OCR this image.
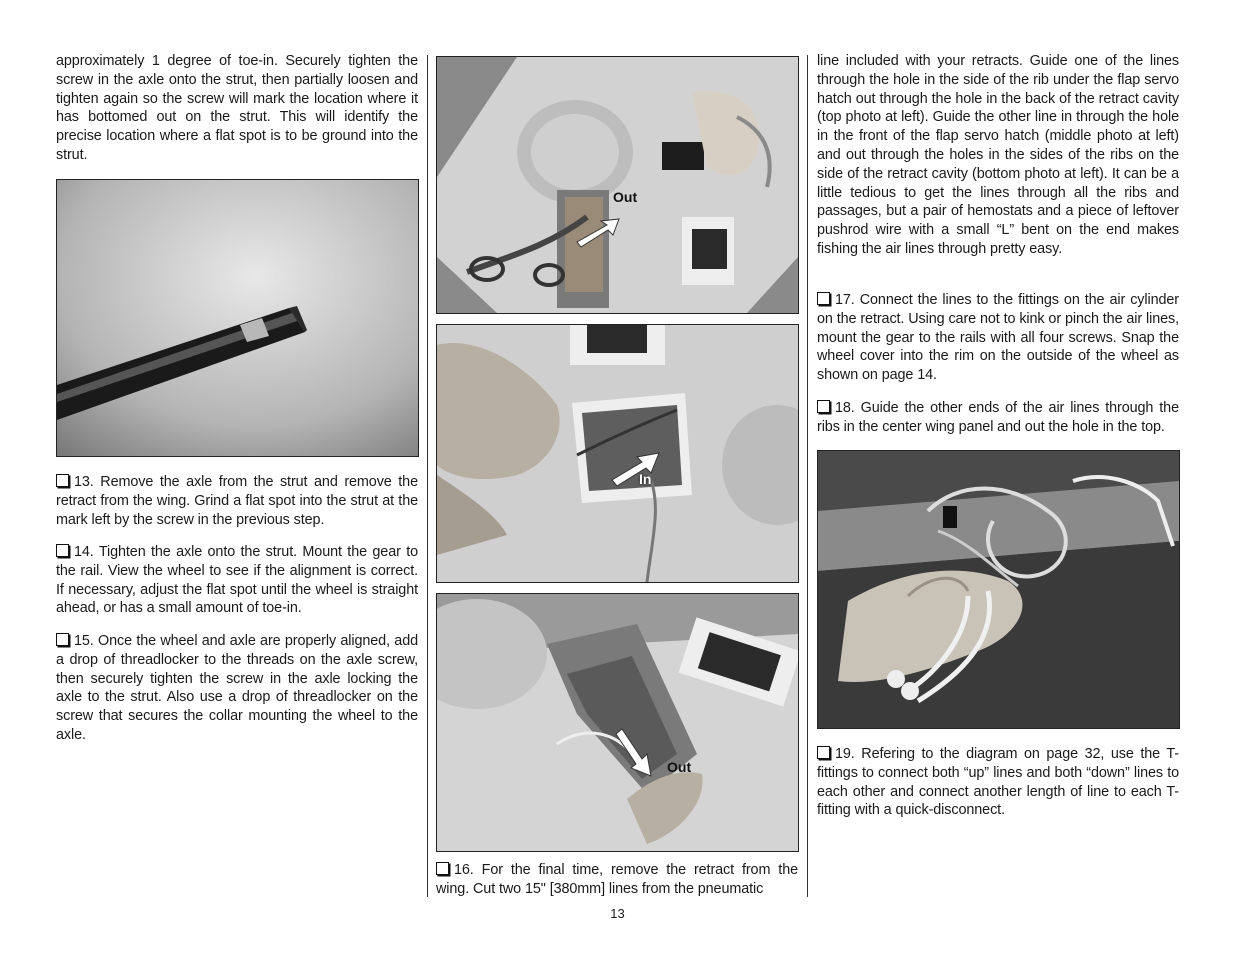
approximately 1 degree of toe-in. Securely tighten the screw in the axle onto the strut, then partially loosen and tighten again so the screw will mark the location where it has bottomed out on the strut. This will identify the precise location where a flat spot is to be ground into the strut.

13. Remove the axle from the strut and remove the retract from the wing. Grind a flat spot into the strut at the mark left by the screw in the previous step.

14. Tighten the axle onto the strut. Mount the gear to the rail. View the wheel to see if the alignment is correct. If necessary, adjust the flat spot until the wheel is straight ahead, or has a small amount of toe-in.

15. Once the wheel and axle are properly aligned, add a drop of threadlocker to the threads on the axle screw, then securely tighten the screw in the axle locking the axle to the strut. Also use a drop of threadlocker on the screw that secures the collar mounting the wheel to the axle.

Out
In
Out

16. For the final time, remove the retract from the wing. Cut two 15" [380mm] lines from the pneumatic

line included with your retracts. Guide one of the lines through the hole in the side of the rib under the flap servo hatch out through the hole in the back of the retract cavity (top photo at left). Guide the other line in through the hole in the front of the flap servo hatch (middle photo at left) and out through the holes in the sides of the ribs on the side of the retract cavity (bottom photo at left). It can be a little tedious to get the lines through all the ribs and passages, but a pair of hemostats and a piece of leftover pushrod wire with a small “L” bent on the end makes fishing the air lines through pretty easy.

17. Connect the lines to the fittings on the air cylinder on the retract. Using care not to kink or pinch the air lines, mount the gear to the rails with all four screws. Snap the wheel cover into the rim on the outside of the wheel as shown on page 14.

18. Guide the other ends of the air lines through the ribs in the center wing panel and out the hole in the top.

19. Refering to the diagram on page 32, use the T-fittings to connect both “up” lines and both “down” lines to each other and connect another length of line to each T-fitting with a quick-disconnect.

13
